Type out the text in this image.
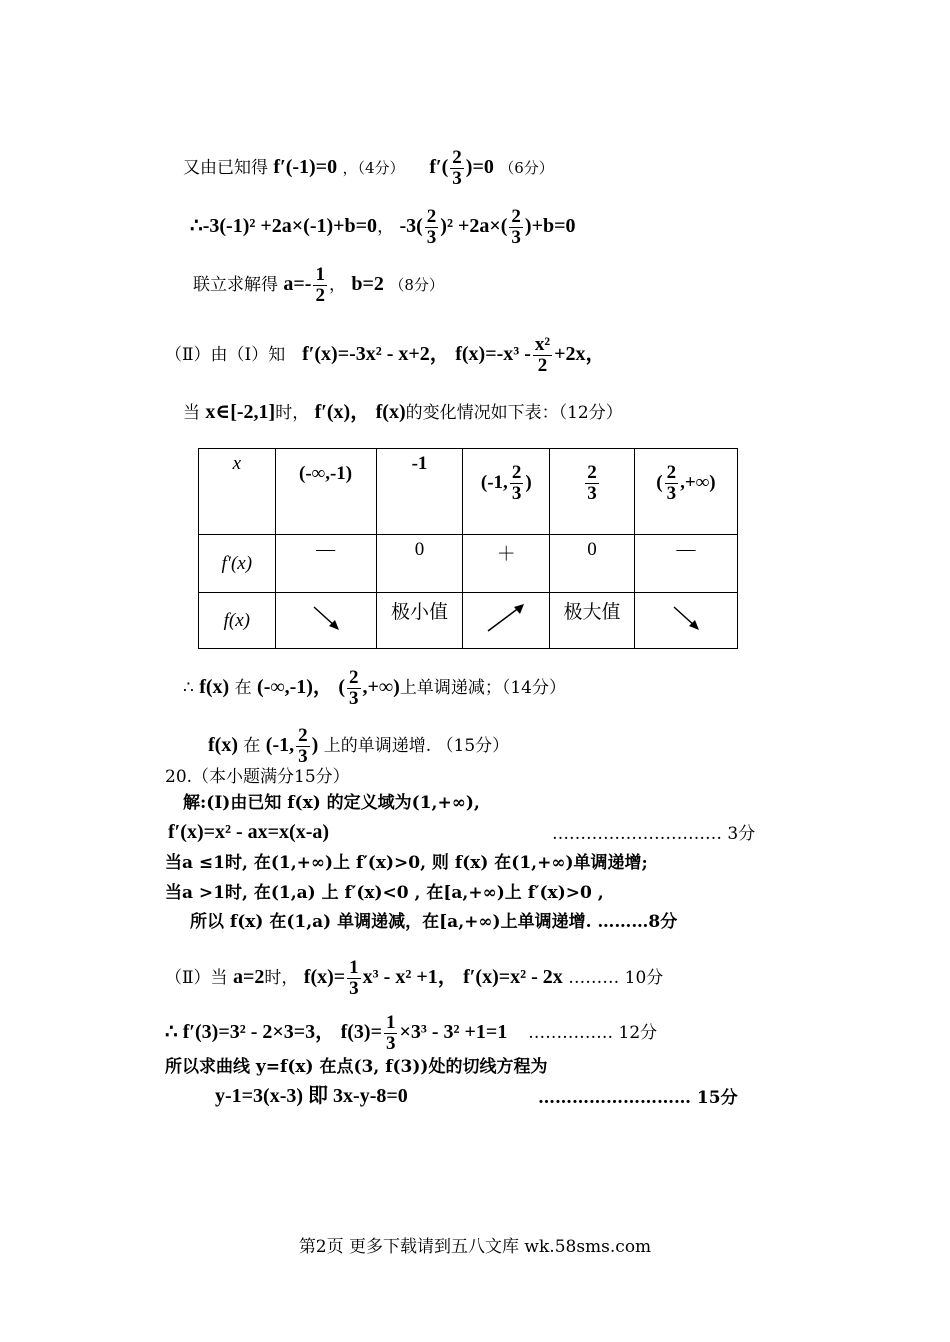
又由已知得 f′(-1)=0 ，（4分） $f'( \frac{2}{3} )=0$ （6分）
∴-3(-1)² +2a×(-1)+b=0， $-3( \frac{2}{3} )^2 +2a\times( \frac{2}{3} )+b=0$
联立求解得 $a=- \frac{1}{2}$ ， b=2 （8分）
（Ⅱ）由（Ⅰ）知 f′(x)=-3x² - x+2， $f(x)=-x^3 - \frac{\text{x²}}{2} +2x$，
当 x∈[-2,1]时， f′(x)， f(x)的变化情况如下表：（12分）
x	(-∞,-1)	-1	(-1, $\frac{2}{3}$ )	$\frac{2}{3}$	( $\frac{2}{3}$ ,+∞)
f′(x)	—	0	＋	0	—
f(x)		极小值		极大值	
∴ f(x) 在 (-∞,-1)， ( $\frac{2}{3}$ ,+∞)上单调递减；（14分）
f(x) 在 (-1, $\frac{2}{3}$ ) 上的单调递增. （15分）
20.（本小题满分15分）
解:(Ⅰ)由已知 f(x) 的定义域为(1,+∞),
f′(x)=x² - ax=x(x-a)	………………………… 3分
当a ≤1时, 在(1,+∞)上 f′(x)>0, 则 f(x) 在(1,+∞)单调递增;
当a >1时, 在(1,a) 上 f′(x)<0 , 在[a,+∞)上 f′(x)>0 ,
所以 f(x) 在(1,a) 单调递减，在[a,+∞)上单调递增. ………8分
（Ⅱ）当 a=2时， $f(x)= \frac{1}{3} x^3 - x^2 +1$， f′(x)=x² - 2x ……… 10分
∴ f′(3)=3² - 2×3=3， $f(3)= \frac{1}{3} \times 3^3 - 3^2 +1=1$ …………… 12分
所以求曲线 y=f(x) 在点(3, f(3))处的切线方程为
y-1=3(x-3) 即 3x-y-8=0	……………………… 15分
第2页 更多下载请到五八文库 wk.58sms.com
